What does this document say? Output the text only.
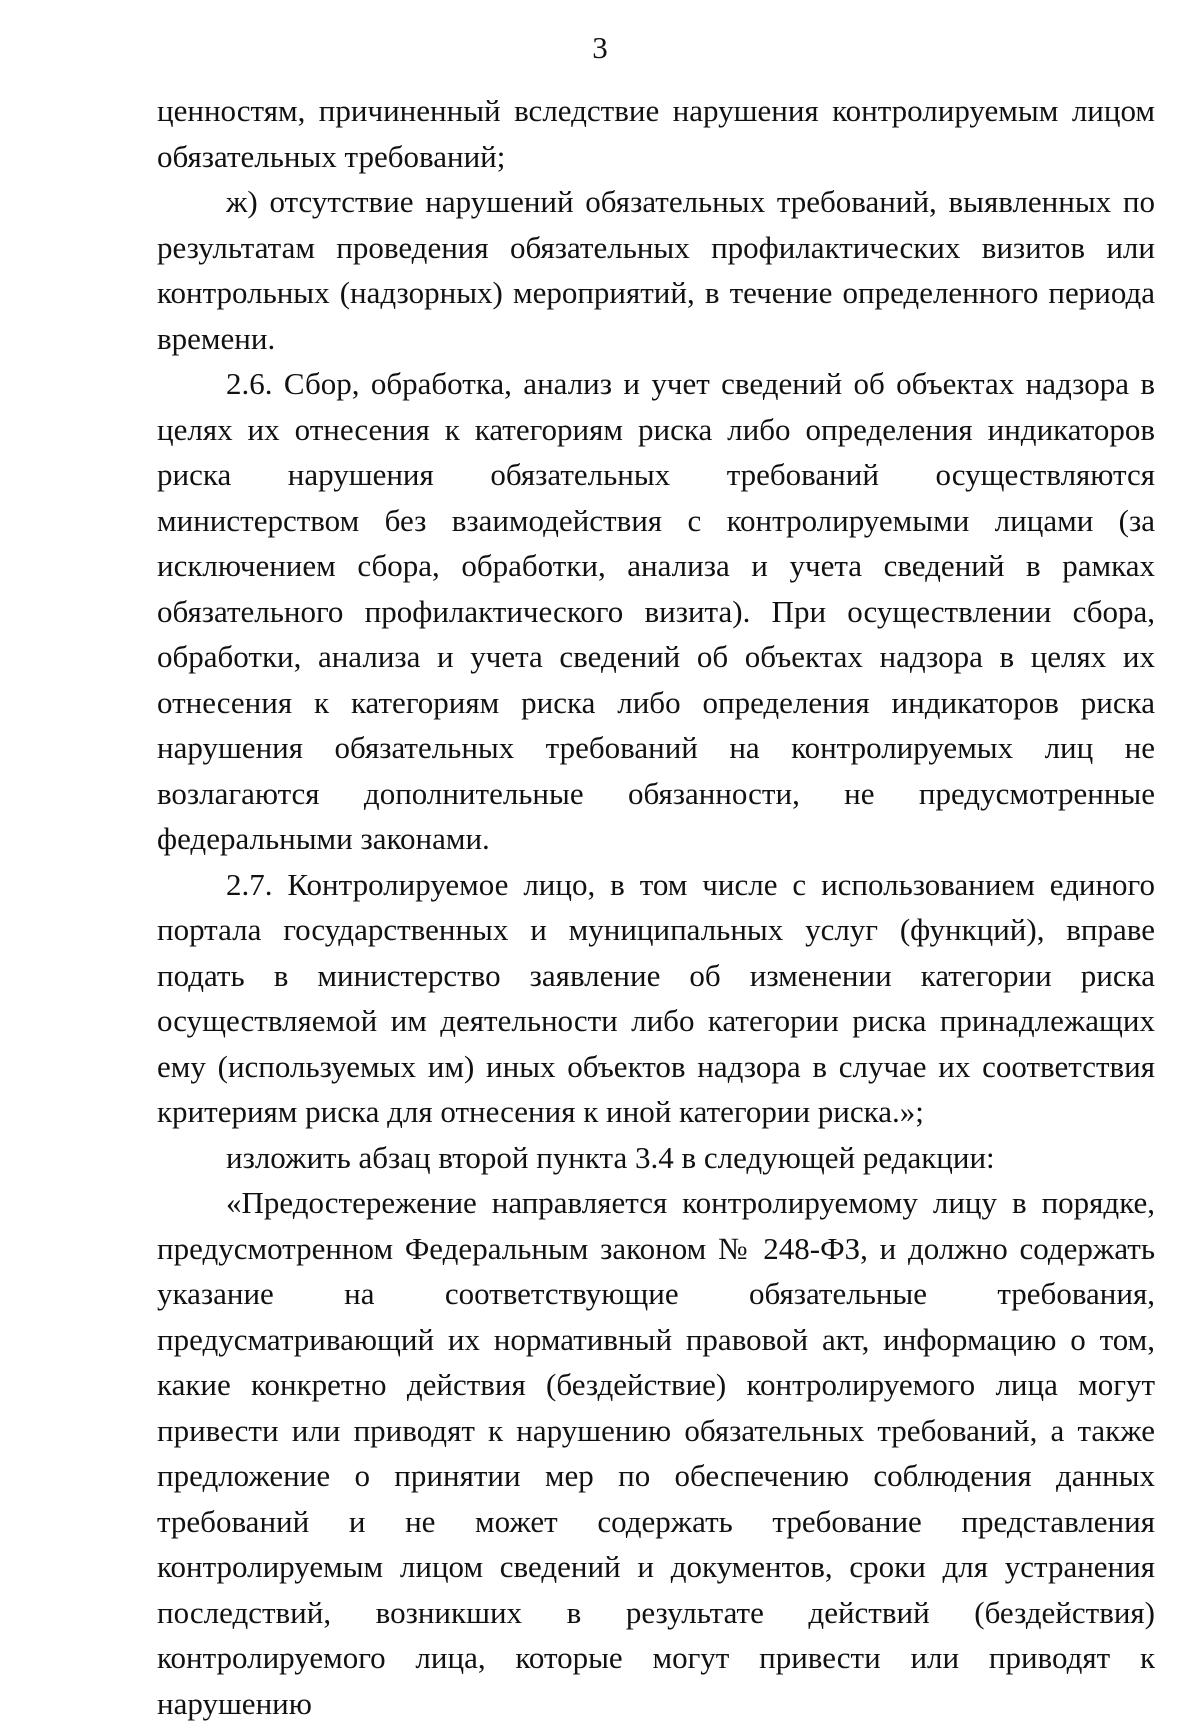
3

ценностям, причиненный вследствие нарушения контролируемым лицом обязательных требований;

ж) отсутствие нарушений обязательных требований, выявленных по результатам проведения обязательных профилактических визитов или контрольных (надзорных) мероприятий, в течение определенного периода времени.

2.6. Сбор, обработка, анализ и учет сведений об объектах надзора в целях их отнесения к категориям риска либо определения индикаторов риска нарушения обязательных требований осуществляются министерством без взаимодействия с контролируемыми лицами (за исключением сбора, обработки, анализа и учета сведений в рамках обязательного профилактического визита). При осуществлении сбора, обработки, анализа и учета сведений об объектах надзора в целях их отнесения к категориям риска либо определения индикаторов риска нарушения обязательных требований на контролируемых лиц не возлагаются дополнительные обязанности, не предусмотренные федеральными законами.

2.7. Контролируемое лицо, в том числе с использованием единого портала государственных и муниципальных услуг (функций), вправе подать в министерство заявление об изменении категории риска осуществляемой им деятельности либо категории риска принадлежащих ему (используемых им) иных объектов надзора в случае их соответствия критериям риска для отнесения к иной категории риска.»;

изложить абзац второй пункта 3.4 в следующей редакции:

«Предостережение направляется контролируемому лицу в порядке, предусмотренном Федеральным законом № 248-ФЗ, и должно содержать указание на соответствующие обязательные требования, предусматривающий их нормативный правовой акт, информацию о том, какие конкретно действия (бездействие) контролируемого лица могут привести или приводят к нарушению обязательных требований, а также предложение о принятии мер по обеспечению соблюдения данных требований и не может содержать требование представления контролируемым лицом сведений и документов, сроки для устранения последствий, возникших в результате действий (бездействия) контролируемого лица, которые могут привести или приводят к нарушению
